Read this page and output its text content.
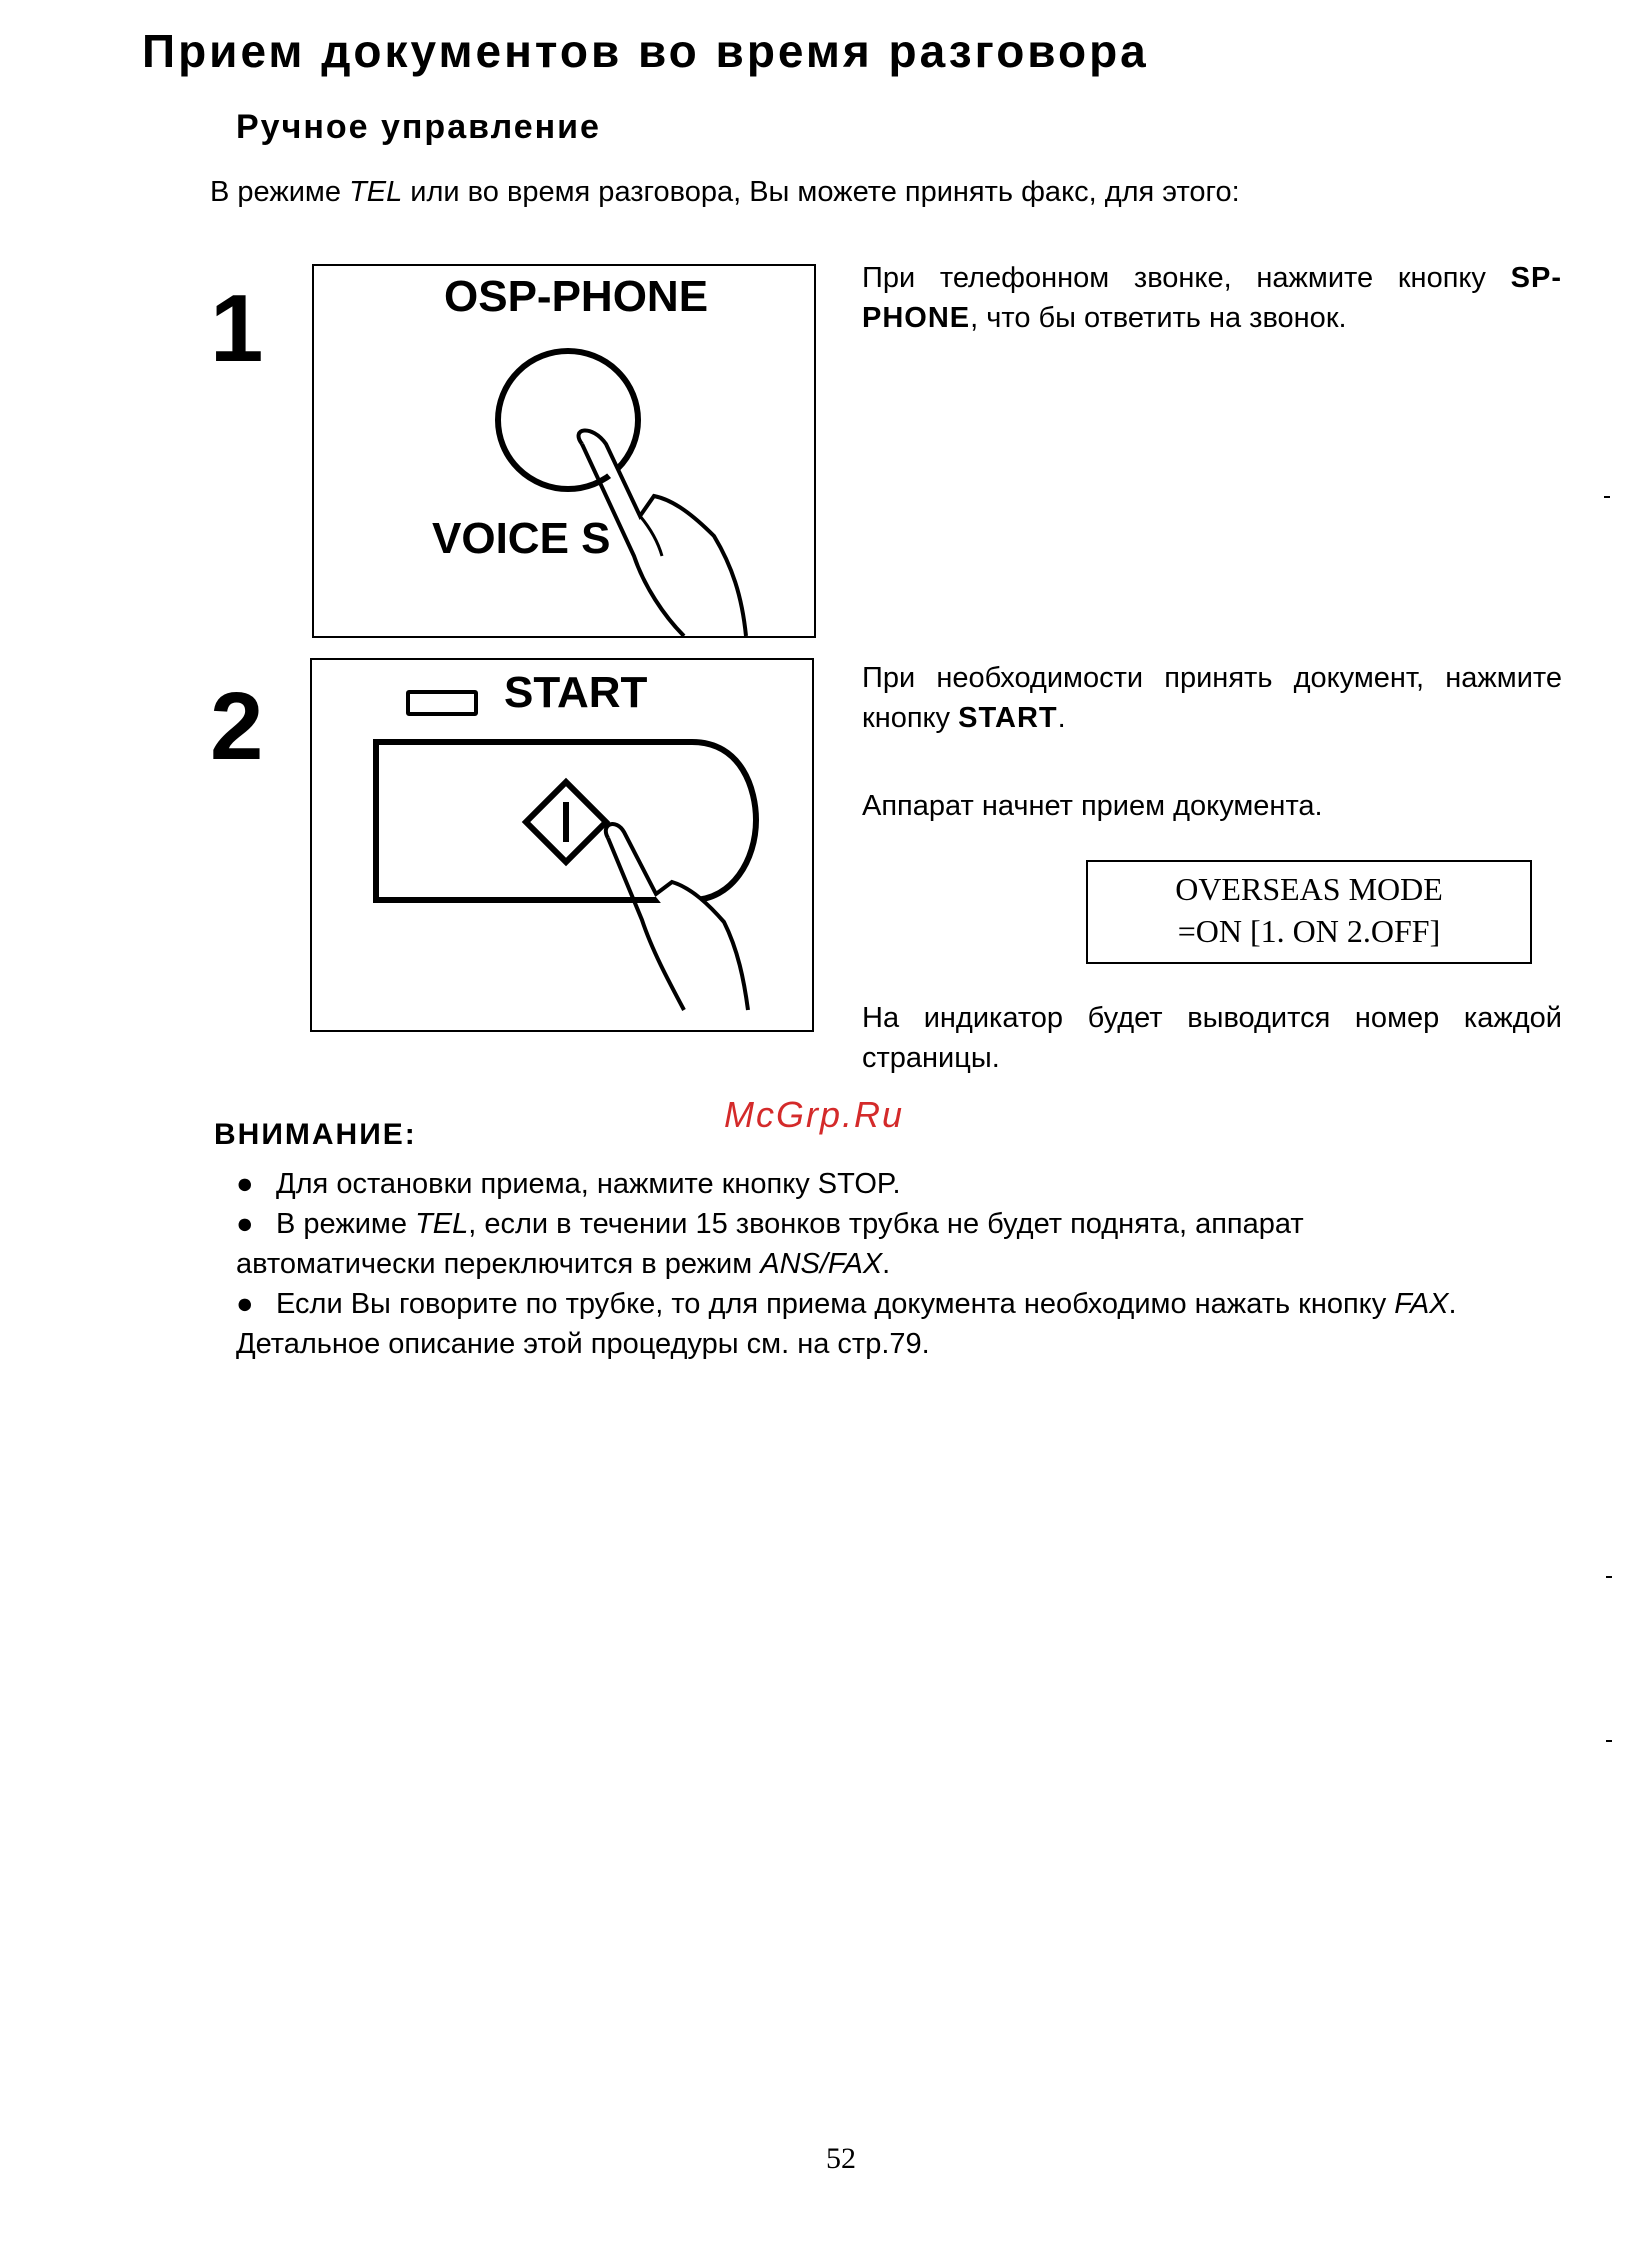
Прием документов во время разговора
Ручное управление
В режиме TEL или во время разговора, Вы можете принять факс, для этого:
1	OSP-PHONE
VOICE S
При телефонном звонке, нажмите кнопку SP-PHONE, что бы ответить на звонок.
2	START	При необходимости принять документ, нажмите кнопку START.
Аппарат начнет прием документа.
OVERSEAS MODE
=ON [1. ON 2.OFF]
На индикатор будет выводится номер каждой страницы.
McGrp.Ru
ВНИМАНИЕ:
● Для остановки приема, нажмите кнопку STOP.
● В режиме TEL, если в течении 15 звонков трубка не будет поднята, аппарат автоматически переключится в режим ANS/FAX.
● Если Вы говорите по трубке, то для приема документа необходимо нажать кнопку FAX. Детальное описание этой процедуры см. на стр.79.
52
